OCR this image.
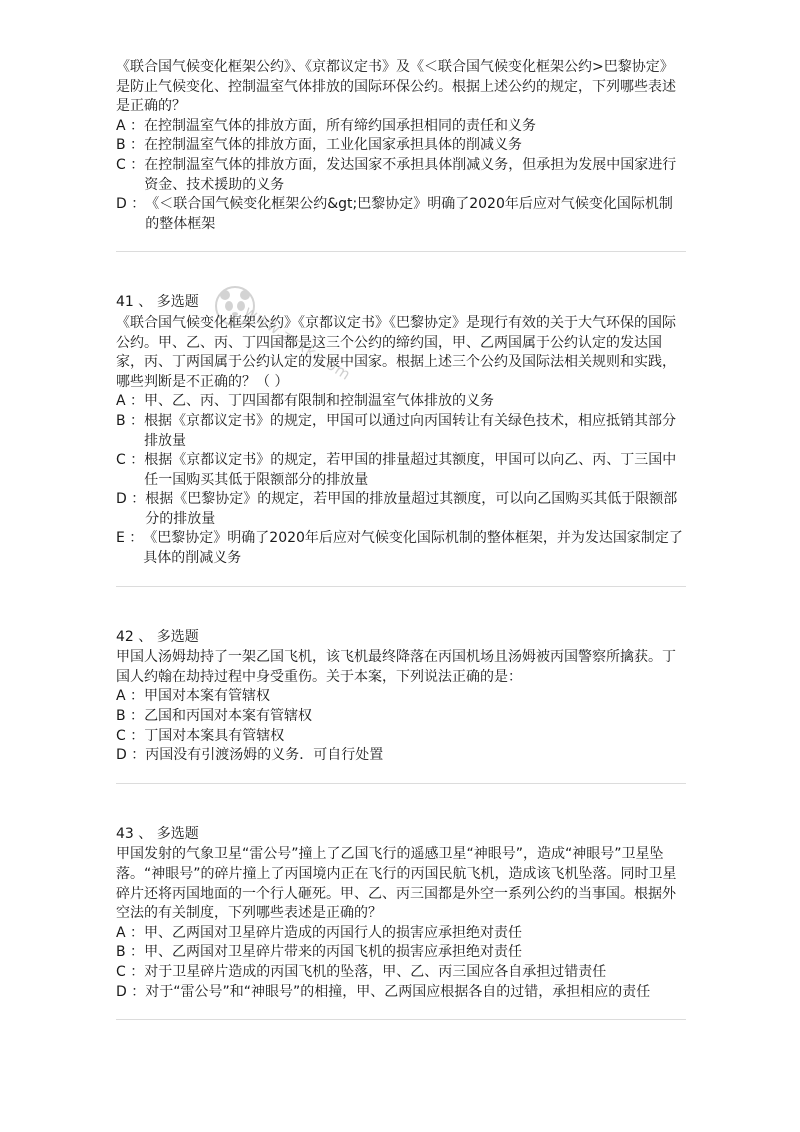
《联合国气候变化框架公约》、《京都议定书》及《＜联合国气候变化框架公约>巴黎协定》是防止气候变化、控制温室气体排放的国际环保公约。根据上述公约的规定，下列哪些表述是正确的？

A ： 在控制温室气体的排放方面，所有缔约国承担相同的责任和义务
B ： 在控制温室气体的排放方面，工业化国家承担具体的削减义务
C ： 在控制温室气体的排放方面，发达国家不承担具体削减义务，但承担为发展中国家进行资金、技术援助的义务
D ： 《＜联合国气候变化框架公约&gt;巴黎协定》明确了2020年后应对气候变化国际机制的整体框架

41 、 多选题

《联合国气候变化框架公约》《京都议定书》《巴黎协定》是现行有效的关于大气环保的国际公约。甲、乙、丙、丁四国都是这三个公约的缔约国，甲、乙两国属于公约认定的发达国家，丙、丁两国属于公约认定的发展中国家。根据上述三个公约及国际法相关规则和实践，哪些判断是不正确的？（ ）

A ： 甲、乙、丙、丁四国都有限制和控制温室气体排放的义务
B ： 根据《京都议定书》的规定，甲国可以通过向丙国转让有关绿色技术，相应抵销其部分排放量
C ： 根据《京都议定书》的规定，若甲国的排量超过其额度，甲国可以向乙、丙、丁三国中任一国购买其低于限额部分的排放量
D ： 根据《巴黎协定》的规定，若甲国的排放量超过其额度，可以向乙国购买其低于限额部分的排放量
E ： 《巴黎协定》明确了2020年后应对气候变化国际机制的整体框架，并为发达国家制定了具体的削减义务

42 、 多选题

甲国人汤姆劫持了一架乙国飞机，该飞机最终降落在丙国机场且汤姆被丙国警察所擒获。丁国人约翰在劫持过程中身受重伤。关于本案，下列说法正确的是：

A ： 甲国对本案有管辖权
B ： 乙国和丙国对本案有管辖权
C ： 丁国对本案具有管辖权
D ： 丙国没有引渡汤姆的义务．可自行处置

43 、 多选题

甲国发射的气象卫星“雷公号”撞上了乙国飞行的遥感卫星“神眼号”，造成“神眼号”卫星坠落。“神眼号”的碎片撞上了丙国境内正在飞行的丙国民航飞机，造成该飞机坠落。同时卫星碎片还将丙国地面的一个行人砸死。甲、乙、丙三国都是外空一系列公约的当事国。根据外空法的有关制度，下列哪些表述是正确的？

A ： 甲、乙两国对卫星碎片造成的丙国行人的损害应承担绝对责任
B ： 甲、乙两国对卫星碎片带来的丙国飞机的损害应承担绝对责任
C ： 对于卫星碎片造成的丙国飞机的坠落，甲、乙、丙三国应各自承担过错责任
D ： 对于“雷公号”和“神眼号”的相撞，甲、乙两国应根据各自的过错，承担相应的责任
www.zxxk.com
